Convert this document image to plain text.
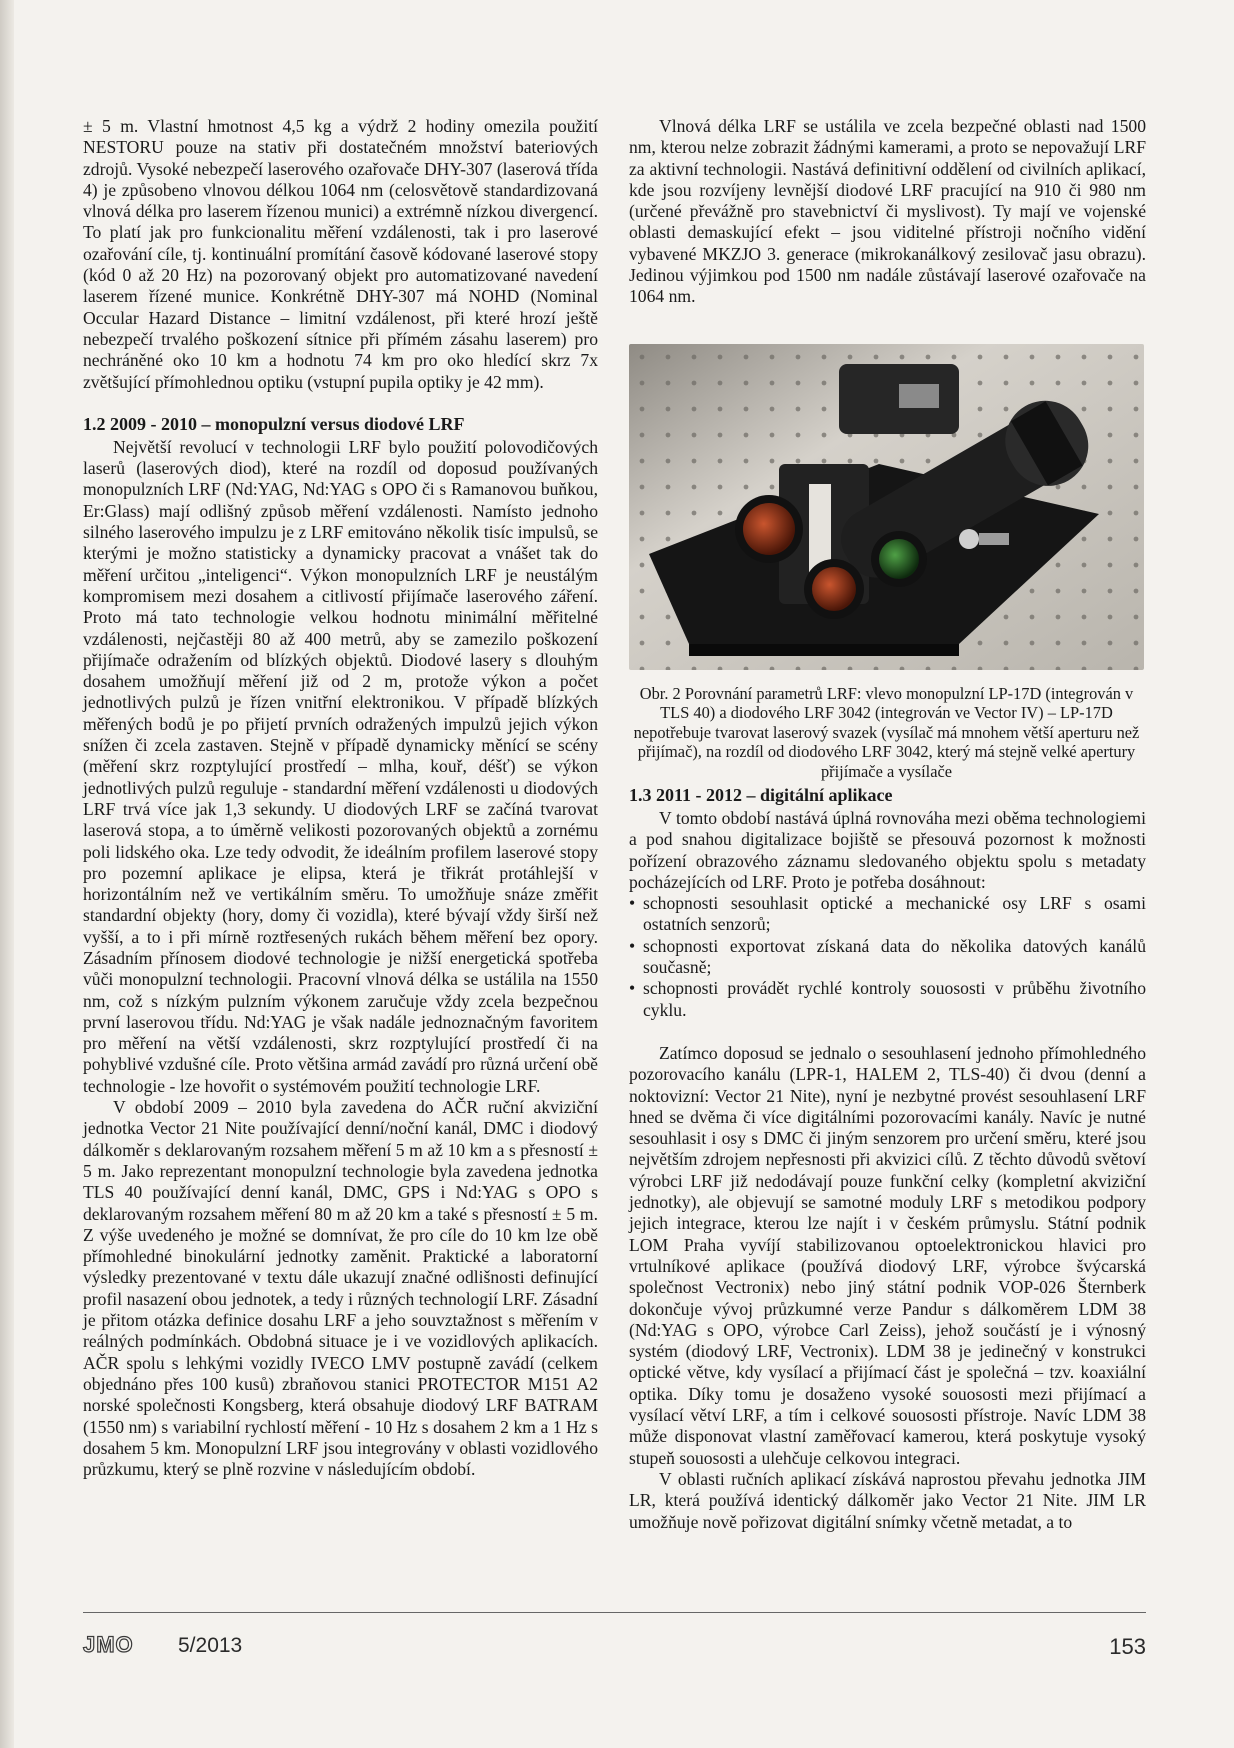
± 5 m. Vlastní hmotnost 4,5 kg a výdrž 2 hodiny omezila použití NESTORU pouze na stativ při dostatečném množství bateriových zdrojů. Vysoké nebezpečí laserového ozařovače DHY-307 (laserová třída 4) je způsobeno vlnovou délkou 1064 nm (celosvětově standardizovaná vlnová délka pro laserem řízenou munici) a extrémně nízkou divergencí. To platí jak pro funkcionalitu měření vzdálenosti, tak i pro laserové ozařování cíle, tj. kontinuální promítání časově kódované laserové stopy (kód 0 až 20 Hz) na pozorovaný objekt pro automatizované navedení laserem řízené munice. Konkrétně DHY-307 má NOHD (Nominal Occular Hazard Distance – limitní vzdálenost, při které hrozí ještě nebezpečí trvalého poškození sítnice při přímém zásahu laserem) pro nechráněné oko 10 km a hodnotu 74 km pro oko hledící skrz 7x zvětšující přímohlednou optiku (vstupní pupila optiky je 42 mm).

1.2 2009 - 2010 – monopulzní versus diodové LRF

Největší revolucí v technologii LRF bylo použití polovodičových laserů (laserových diod), které na rozdíl od doposud používaných monopulzních LRF (Nd:YAG, Nd:YAG s OPO či s Ramanovou buňkou, Er:Glass) mají odlišný způsob měření vzdálenosti. Namísto jednoho silného laserového impulzu je z LRF emitováno několik tisíc impulsů, se kterými je možno statisticky a dynamicky pracovat a vnášet tak do měření určitou „inteligenci“. Výkon monopulzních LRF je neustálým kompromisem mezi dosahem a citlivostí přijímače laserového záření. Proto má tato technologie velkou hodnotu minimální měřitelné vzdálenosti, nejčastěji 80 až 400 metrů, aby se zamezilo poškození přijímače odražením od blízkých objektů. Diodové lasery s dlouhým dosahem umožňují měření již od 2 m, protože výkon a počet jednotlivých pulzů je řízen vnitřní elektronikou. V případě blízkých měřených bodů je po přijetí prvních odražených impulzů jejich výkon snížen či zcela zastaven. Stejně v případě dynamicky měnící se scény (měření skrz rozptylující prostředí – mlha, kouř, déšť) se výkon jednotlivých pulzů reguluje - standardní měření vzdálenosti u diodových LRF trvá více jak 1,3 sekundy. U diodových LRF se začíná tvarovat laserová stopa, a to úměrně velikosti pozorovaných objektů a zornému poli lidského oka. Lze tedy odvodit, že ideálním profilem laserové stopy pro pozemní aplikace je elipsa, která je třikrát protáhlejší v horizontálním než ve vertikálním směru. To umožňuje snáze změřit standardní objekty (hory, domy či vozidla), které bývají vždy širší než vyšší, a to i při mírně roztřesených rukách během měření bez opory. Zásadním přínosem diodové technologie je nižší energetická spotřeba vůči monopulzní technologii. Pracovní vlnová délka se ustálila na 1550 nm, což s nízkým pulzním výkonem zaručuje vždy zcela bezpečnou první laserovou třídu. Nd:YAG je však nadále jednoznačným favoritem pro měření na větší vzdálenosti, skrz rozptylující prostředí či na pohyblivé vzdušné cíle. Proto většina armád zavádí pro různá určení obě technologie - lze hovořit o systémovém použití technologie LRF.

V období 2009 – 2010 byla zavedena do AČR ruční akviziční jednotka Vector 21 Nite používající denní/noční kanál, DMC i diodový dálkoměr s deklarovaným rozsahem měření 5 m až 10 km a s přesností ± 5 m. Jako reprezentant monopulzní technologie byla zavedena jednotka TLS 40 používající denní kanál, DMC, GPS i Nd:YAG s OPO s deklarovaným rozsahem měření 80 m až 20 km a také s přesností ± 5 m. Z výše uvedeného je možné se domnívat, že pro cíle do 10 km lze obě přímohledné binokulární jednotky zaměnit. Praktické a laboratorní výsledky prezentované v textu dále ukazují značné odlišnosti definující profil nasazení obou jednotek, a tedy i různých technologií LRF. Zásadní je přitom otázka definice dosahu LRF a jeho souvztažnost s měřením v reálných podmínkách. Obdobná situace je i ve vozidlových aplikacích. AČR spolu s lehkými vozidly IVECO LMV postupně zavádí (celkem objednáno přes 100 kusů) zbraňovou stanici PROTECTOR M151 A2 norské společnosti Kongsberg, která obsahuje diodový LRF BATRAM (1550 nm) s variabilní rychlostí měření - 10 Hz s dosahem 2 km a 1 Hz s dosahem 5 km. Monopulzní LRF jsou integrovány v oblasti vozidlového průzkumu, který se plně rozvine v následujícím období.

Vlnová délka LRF se ustálila ve zcela bezpečné oblasti nad 1500 nm, kterou nelze zobrazit žádnými kamerami, a proto se nepovažují LRF za aktivní technologii. Nastává definitivní oddělení od civilních aplikací, kde jsou rozvíjeny levnější diodové LRF pracující na 910 či 980 nm (určené převážně pro stavebnictví či myslivost). Ty mají ve vojenské oblasti demaskující efekt – jsou viditelné přístroji nočního vidění vybavené MKZJO 3. generace (mikrokanálkový zesilovač jasu obrazu). Jedinou výjimkou pod 1500 nm nadále zůstávají laserové ozařovače na 1064 nm.

Obr. 2 Porovnání parametrů LRF: vlevo monopulzní LP-17D (integrován v TLS 40) a diodového LRF 3042 (integrován ve Vector IV) – LP-17D nepotřebuje tvarovat laserový svazek (vysílač má mnohem větší aperturu než přijímač), na rozdíl od diodového LRF 3042, který má stejně velké apertury přijímače a vysílače
1.3 2011 - 2012 – digitální aplikace

V tomto období nastává úplná rovnováha mezi oběma technologiemi a pod snahou digitalizace bojiště se přesouvá pozornost k možnosti pořízení obrazového záznamu sledovaného objektu spolu s metadaty pocházejících od LRF. Proto je potřeba dosáhnout:

• schopnosti sesouhlasit optické a mechanické osy LRF s osami ostatních senzorů;
• schopnosti exportovat získaná data do několika datových kanálů současně;
• schopnosti provádět rychlé kontroly souososti v průběhu životního cyklu.

Zatímco doposud se jednalo o sesouhlasení jednoho přímohledného pozorovacího kanálu (LPR-1, HALEM 2, TLS-40) či dvou (denní a noktovizní: Vector 21 Nite), nyní je nezbytné provést sesouhlasení LRF hned se dvěma či více digitálními pozorovacími kanály. Navíc je nutné sesouhlasit i osy s DMC či jiným senzorem pro určení směru, které jsou největším zdrojem nepřesnosti při akvizici cílů. Z těchto důvodů světoví výrobci LRF již nedodávají pouze funkční celky (kompletní akviziční jednotky), ale objevují se samotné moduly LRF s metodikou podpory jejich integrace, kterou lze najít i v českém průmyslu. Státní podnik LOM Praha vyvíjí stabilizovanou optoelektronickou hlavici pro vrtulníkové aplikace (používá diodový LRF, výrobce švýcarská společnost Vectronix) nebo jiný státní podnik VOP-026 Šternberk dokončuje vývoj průzkumné verze Pandur s dálkoměrem LDM 38 (Nd:YAG s OPO, výrobce Carl Zeiss), jehož součástí je i výnosný systém (diodový LRF, Vectronix). LDM 38 je jedinečný v konstrukci optické větve, kdy vysílací a přijímací část je společná – tzv. koaxiální optika. Díky tomu je dosaženo vysoké souososti mezi přijímací a vysílací větví LRF, a tím i celkové souososti přístroje. Navíc LDM 38 může disponovat vlastní zaměřovací kamerou, která poskytuje vysoký stupeň souososti a ulehčuje celkovou integraci.

V oblasti ručních aplikací získává naprostou převahu jednotka JIM LR, která používá identický dálkoměr jako Vector 21 Nite. JIM LR umožňuje nově pořizovat digitální snímky včetně metadat, a to

JMO 5/2013	153
